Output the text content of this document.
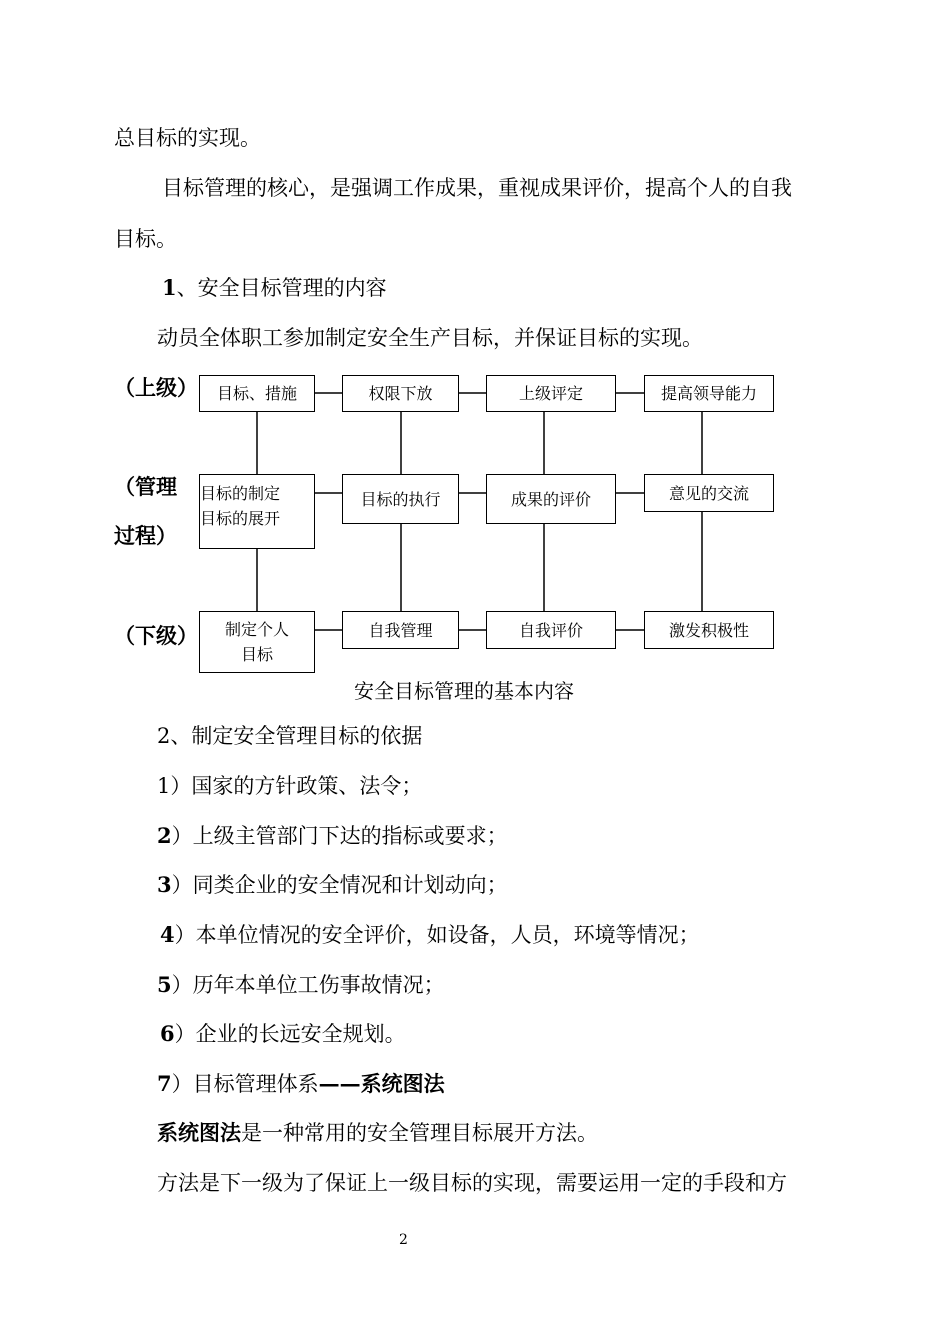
总目标的实现。
目标管理的核心，是强调工作成果，重视成果评价，提高个人的自我
目标。
1、安全目标管理的内容
动员全体职工参加制定安全生产目标，并保证目标的实现。
（上级）
（管理
过程）
（下级）
目标、措施	权限下放	上级评定	提高领导能力
目标的制定
目标的展开
目标的执行	成果的评价	意见的交流
制定个人
目标
自我管理	自我评价	激发积极性
安全目标管理的基本内容
2、制定安全管理目标的依据
1）国家的方针政策、法令；
2）上级主管部门下达的指标或要求；
3）同类企业的安全情况和计划动向；
4）本单位情况的安全评价，如设备，人员，环境等情况；
5）历年本单位工伤事故情况；
6）企业的长远安全规划。
7）目标管理体系——系统图法
系统图法是一种常用的安全管理目标展开方法。
方法是下一级为了保证上一级目标的实现，需要运用一定的手段和方
2
